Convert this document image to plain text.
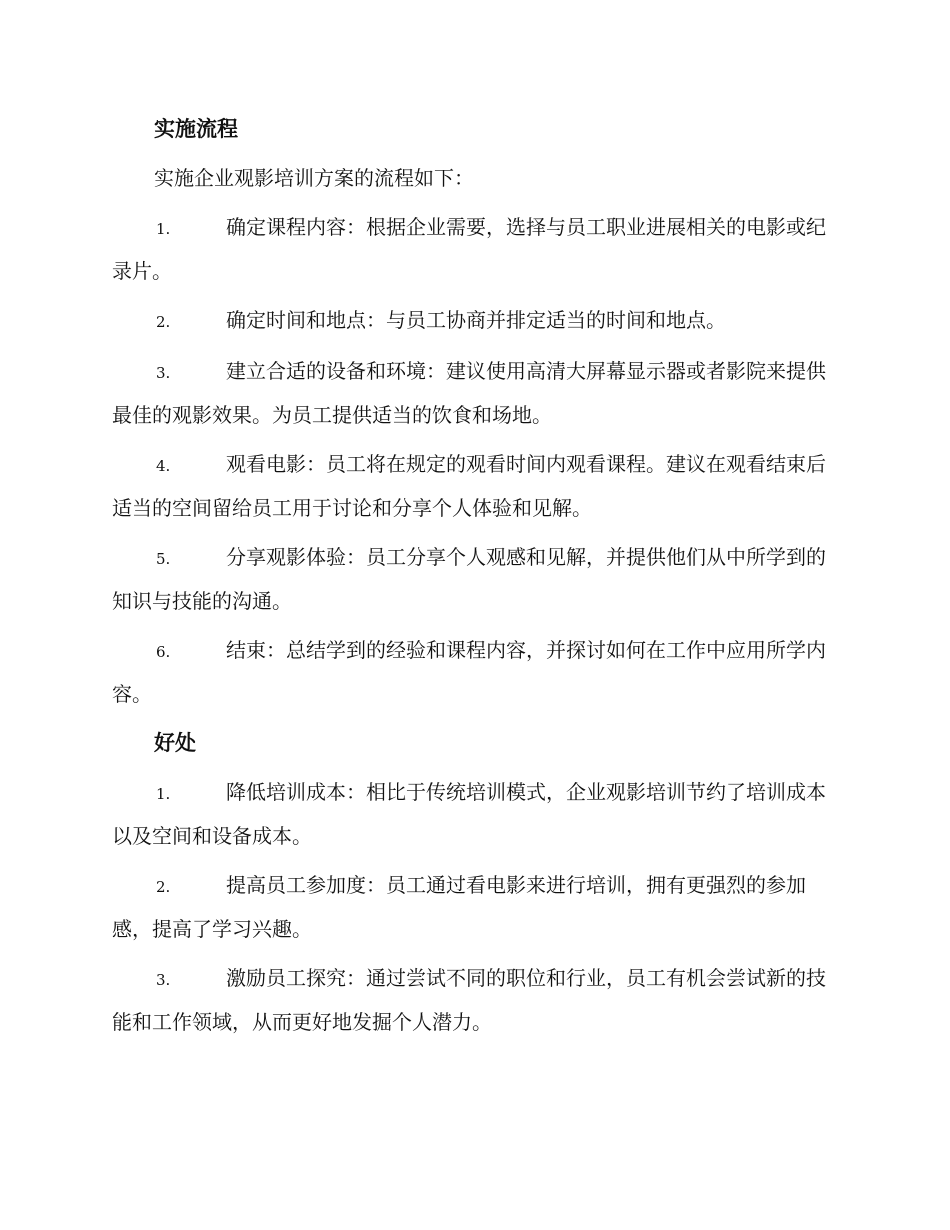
实施流程
实施企业观影培训方案的流程如下：
1.	确定课程内容：根据企业需要，选择与员工职业进展相关的电影或纪录片。
2.	确定时间和地点：与员工协商并排定适当的时间和地点。
3.	建立合适的设备和环境：建议使用高清大屏幕显示器或者影院来提供最佳的观影效果。为员工提供适当的饮食和场地。
4.	观看电影：员工将在规定的观看时间内观看课程。建议在观看结束后适当的空间留给员工用于讨论和分享个人体验和见解。
5.	分享观影体验：员工分享个人观感和见解，并提供他们从中所学到的知识与技能的沟通。
6.	结束：总结学到的经验和课程内容，并探讨如何在工作中应用所学内容。
好处
1.	降低培训成本：相比于传统培训模式，企业观影培训节约了培训成本以及空间和设备成本。
2.	提高员工参加度：员工通过看电影来进行培训，拥有更强烈的参加感，提高了学习兴趣。
3.	激励员工探究：通过尝试不同的职位和行业，员工有机会尝试新的技能和工作领域，从而更好地发掘个人潜力。
